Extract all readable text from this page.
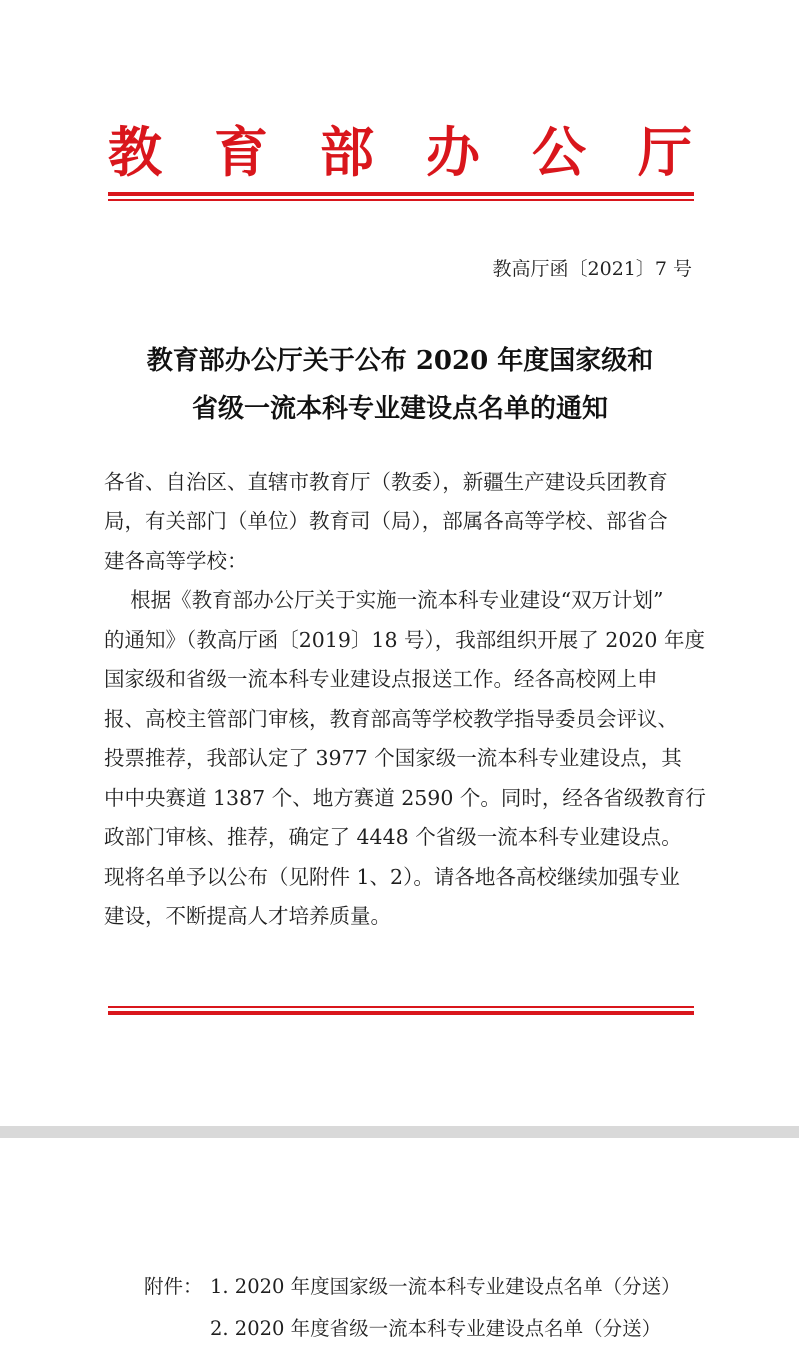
教 育 部 办 公 厅
教高厅函〔2021〕7 号
教育部办公厅关于公布 2020 年度国家级和
省级一流本科专业建设点名单的通知
各省、自治区、直辖市教育厅（教委），新疆生产建设兵团教育
局，有关部门（单位）教育司（局），部属各高等学校、部省合
建各高等学校：
根据《教育部办公厅关于实施一流本科专业建设“双万计划”
的通知》（教高厅函〔2019〕18 号），我部组织开展了 2020 年度
国家级和省级一流本科专业建设点报送工作。经各高校网上申
报、高校主管部门审核，教育部高等学校教学指导委员会评议、
投票推荐，我部认定了 3977 个国家级一流本科专业建设点，其
中中央赛道 1387 个、地方赛道 2590 个。同时，经各省级教育行
政部门审核、推荐，确定了 4448 个省级一流本科专业建设点。
现将名单予以公布（见附件 1、2）。请各地各高校继续加强专业
建设，不断提高人才培养质量。
附件： 1. 2020 年度国家级一流本科专业建设点名单（分送）
2. 2020 年度省级一流本科专业建设点名单（分送）
